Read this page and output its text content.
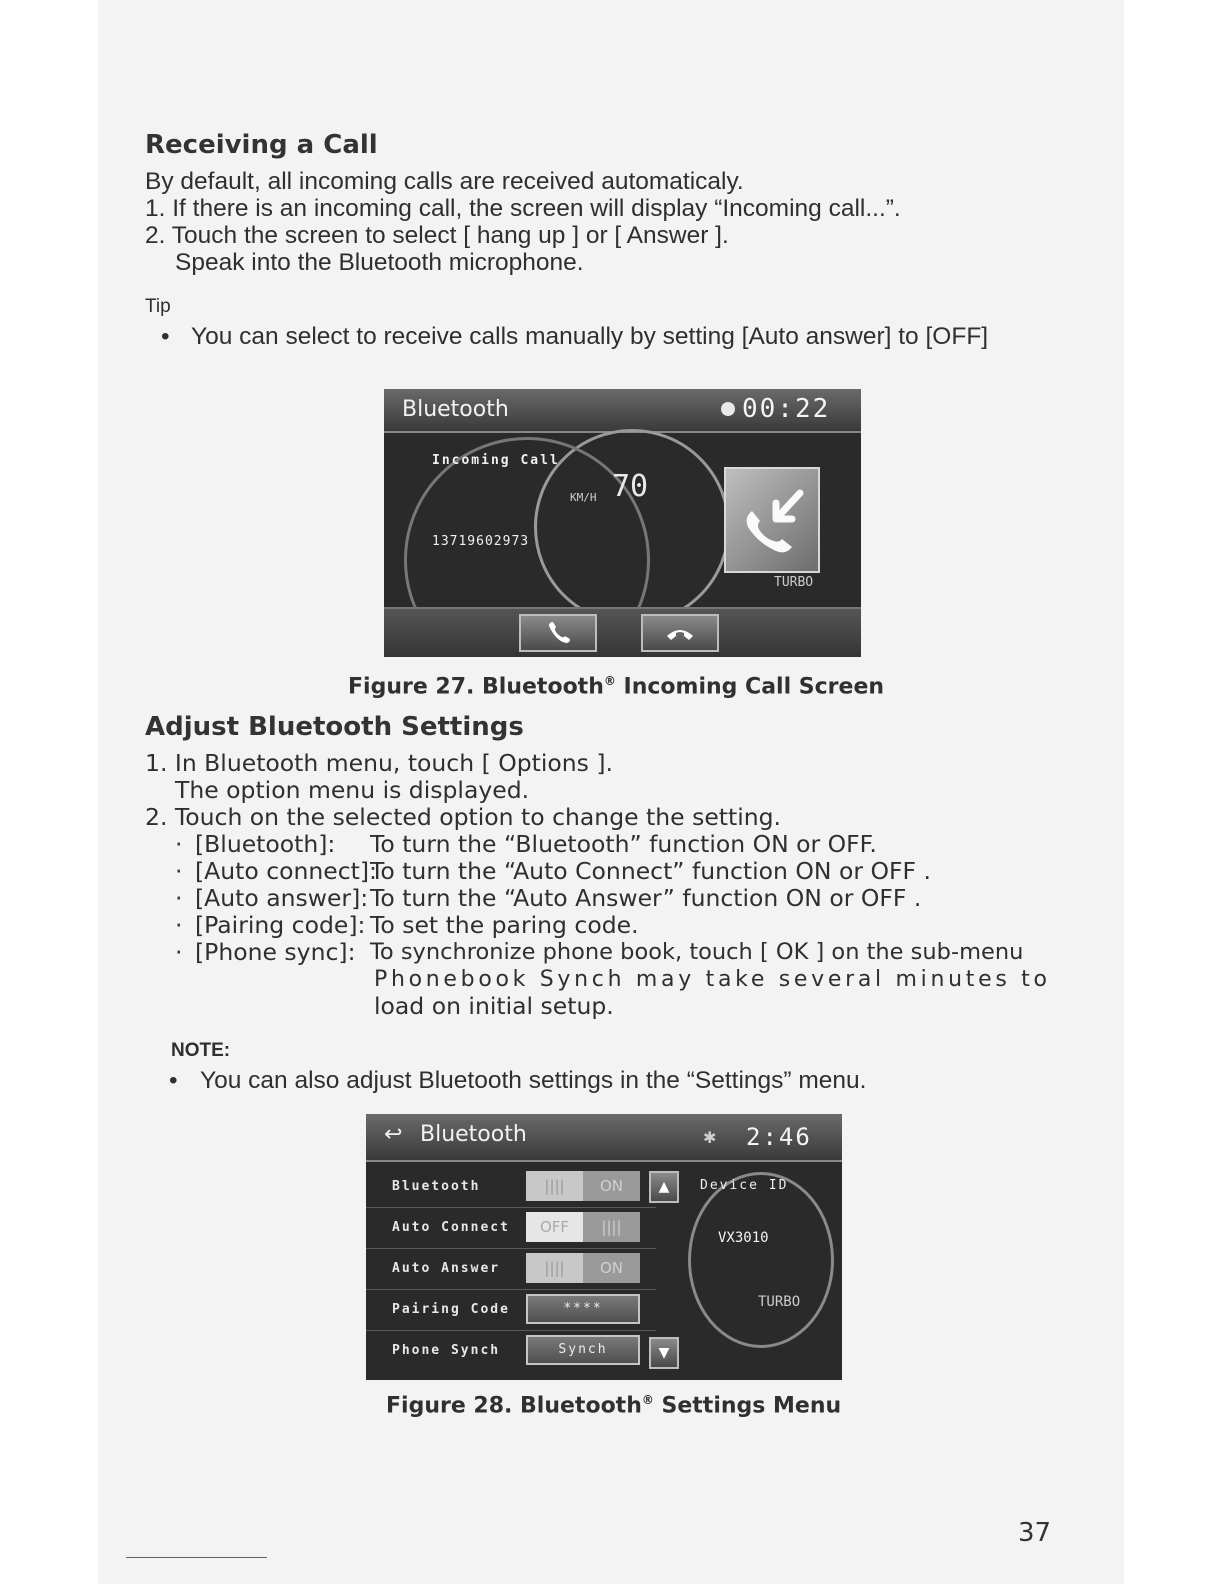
Receiving a Call
By default, all incoming calls are received automaticaly.
1. If there is an incoming call, the screen will display “Incoming call...”.
2. Touch the screen to select [ hang up ] or [ Answer ].
Speak into the Bluetooth microphone.
Tip
• You can select to receive calls manually by setting [Auto answer] to [OFF]
Bluetooth	00:22
Incoming Call
13719602973
KM/H 70
TURBO
Figure 27. Bluetooth® Incoming Call Screen
Adjust Bluetooth Settings
1. In Bluetooth menu, touch [ Options ].
The option menu is displayed.
2. Touch on the selected option to change the setting.
· [Bluetooth]: To turn the “Bluetooth” function ON or OFF.
· [Auto connect]:
To turn the “Auto Connect” function ON or OFF .
· [Auto answer]: To turn the “Auto Answer” function ON or OFF .
· [Pairing code]: To set the paring code.
· [Phone sync]: To synchronize phone book, touch [ OK ] on the sub-menu
Phonebook Synch may take several minutes to
load on initial setup.
NOTE:
• You can also adjust Bluetooth settings in the “Settings” menu.
↩ Bluetooth	✱ 2:46
Bluetooth	||||	ON
Auto Connect	OFF	||||
Auto Answer	||||	ON
Pairing Code	****
Phone Synch	Synch
▲
▼
Device ID
VX3010
TURBO
Figure 28. Bluetooth® Settings Menu
37
